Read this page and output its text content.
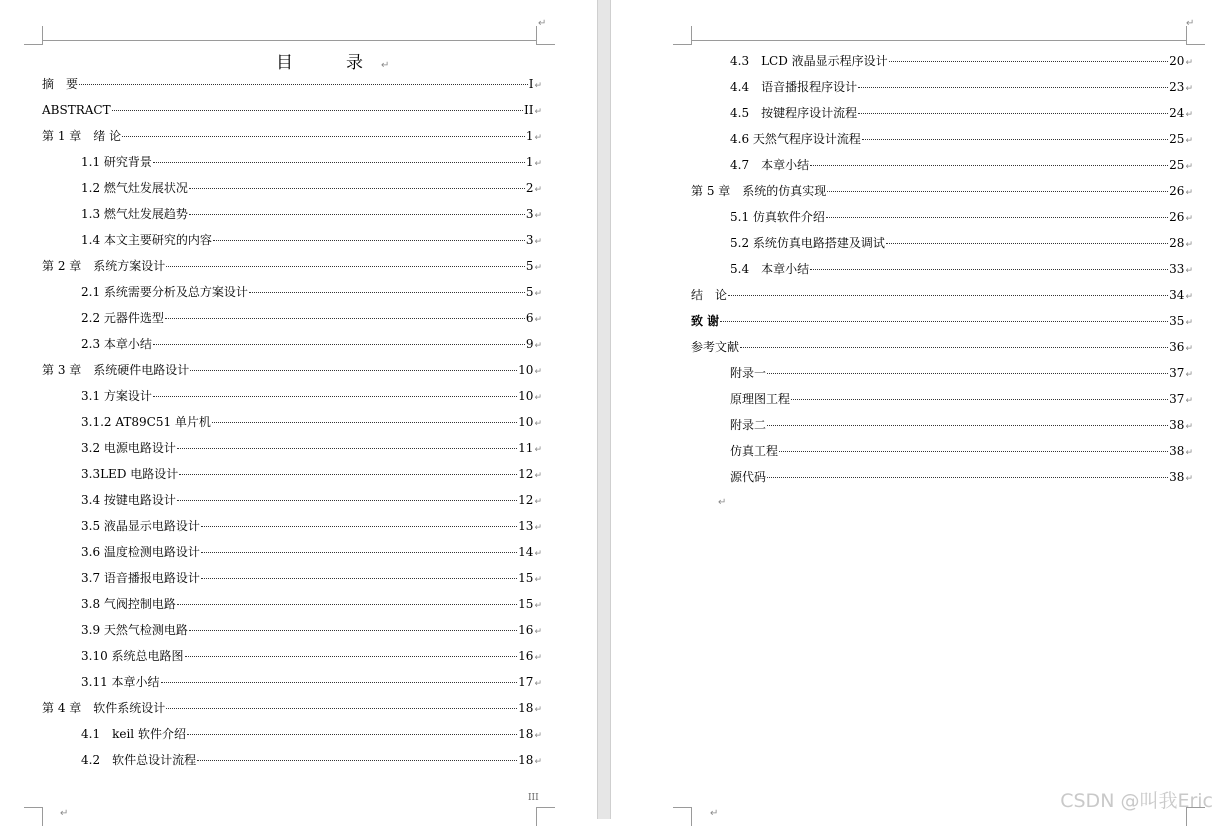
↵
↵
III
↵
↵
目　录↵
摘　要	I ↵
ABSTRACT	II ↵
第 1 章　绪 论	1 ↵
1.1 研究背景	1 ↵
1.2 燃气灶发展状况	2 ↵
1.3 燃气灶发展趋势	3 ↵
1.4 本文主要研究的内容	3 ↵
第 2 章　系统方案设计	5 ↵
2.1 系统需要分析及总方案设计	5 ↵
2.2 元器件选型	6 ↵
2.3 本章小结	9 ↵
第 3 章　系统硬件电路设计	10 ↵
3.1 方案设计	10 ↵
3.1.2 AT89C51 单片机	10 ↵
3.2 电源电路设计	11 ↵
3.3LED 电路设计	12 ↵
3.4 按键电路设计	12 ↵
3.5 液晶显示电路设计	13 ↵
3.6 温度检测电路设计	14 ↵
3.7 语音播报电路设计	15 ↵
3.8 气阀控制电路	15 ↵
3.9 天然气检测电路	16 ↵
3.10 系统总电路图	16 ↵
3.11 本章小结	17 ↵
第 4 章　软件系统设计	18 ↵
4.1　keil 软件介绍	18 ↵
4.2　软件总设计流程	18 ↵
4.3　LCD 液晶显示程序设计	20 ↵
4.4　语音播报程序设计	23 ↵
4.5　按键程序设计流程	24 ↵
4.6 天然气程序设计流程	25 ↵
4.7　本章小结	25 ↵
第 5 章　系统的仿真实现	26 ↵
5.1 仿真软件介绍	26 ↵
5.2 系统仿真电路搭建及调试	28 ↵
5.4　本章小结	33 ↵
结　论	34 ↵
致 谢	35 ↵
参考文献	36 ↵
附录一	37 ↵
原理图工程	37 ↵
附录二	38 ↵
仿真工程	38 ↵
源代码	38 ↵
↵
CSDN @叫我Eric
